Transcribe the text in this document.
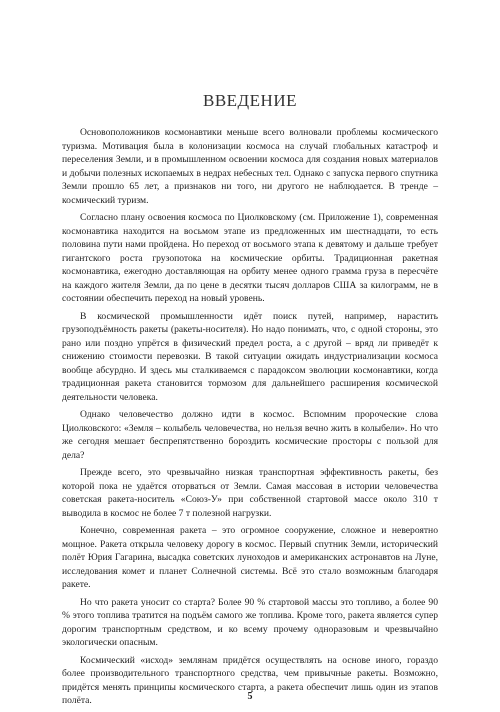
ВВЕДЕНИЕ

Основоположников космонавтики меньше всего волновали проблемы космического туризма. Мотивация была в колонизации космоса на случай глобальных катастроф и переселения Земли, и в промышленном освоении космоса для создания новых материалов и добычи полезных ископаемых в недрах небесных тел. Однако с запуска первого спутника Земли прошло 65 лет, а признаков ни того, ни другого не наблюдается. В тренде – космический туризм.

Согласно плану освоения космоса по Циолковскому (см. Приложение 1), современная космонавтика находится на восьмом этапе из предложенных им шестнадцати, то есть половина пути нами пройдена. Но переход от восьмого этапа к девятому и дальше требует гигантского роста грузопотока на космические орбиты. Традиционная ракетная космонавтика, ежегодно доставляющая на орбиту менее одного грамма груза в пересчёте на каждого жителя Земли, да по цене в десятки тысяч долларов США за килограмм, не в состоянии обеспечить переход на новый уровень.

В космической промышленности идёт поиск путей, например, нарастить грузоподъёмность ракеты (ракеты-носителя). Но надо понимать, что, с одной стороны, это рано или поздно упрётся в физический предел роста, а с другой – вряд ли приведёт к снижению стоимости перевозки. В такой ситуации ожидать индустриализации космоса вообще абсурдно. И здесь мы сталкиваемся с парадоксом эволюции космонавтики, когда традиционная ракета становится тормозом для дальнейшего расширения космической деятельности человека.

Однако человечество должно идти в космос. Вспомним пророческие слова Циолковского: «Земля – колыбель человечества, но нельзя вечно жить в колыбели». Но что же сегодня мешает беспрепятственно бороздить космические просторы с пользой для дела?

Прежде всего, это чрезвычайно низкая транспортная эффективность ракеты, без которой пока не удаётся оторваться от Земли. Самая массовая в истории человечества советская ракета-носитель «Союз-У» при собственной стартовой массе около 310 т выводила в космос не более 7 т полезной нагрузки.

Конечно, современная ракета – это огромное сооружение, сложное и невероятно мощное. Ракета открыла человеку дорогу в космос. Первый спутник Земли, исторический полёт Юрия Гагарина, высадка советских луноходов и американских астронавтов на Луне, исследования комет и планет Солнечной системы. Всё это стало возможным благодаря ракете.

Но что ракета уносит со старта? Более 90 % стартовой массы это топливо, а более 90 % этого топлива тратится на подъём самого же топлива. Кроме того, ракета является супер дорогим транспортным средством, и ко всему прочему одноразовым и чрезвычайно экологически опасным.

Космический «исход» землянам придётся осуществлять на основе иного, гораздо более производительного транспортного средства, чем привычные ракеты. Возможно, придётся менять принципы космического старта, а ракета обеспечит лишь один из этапов полёта.	5
